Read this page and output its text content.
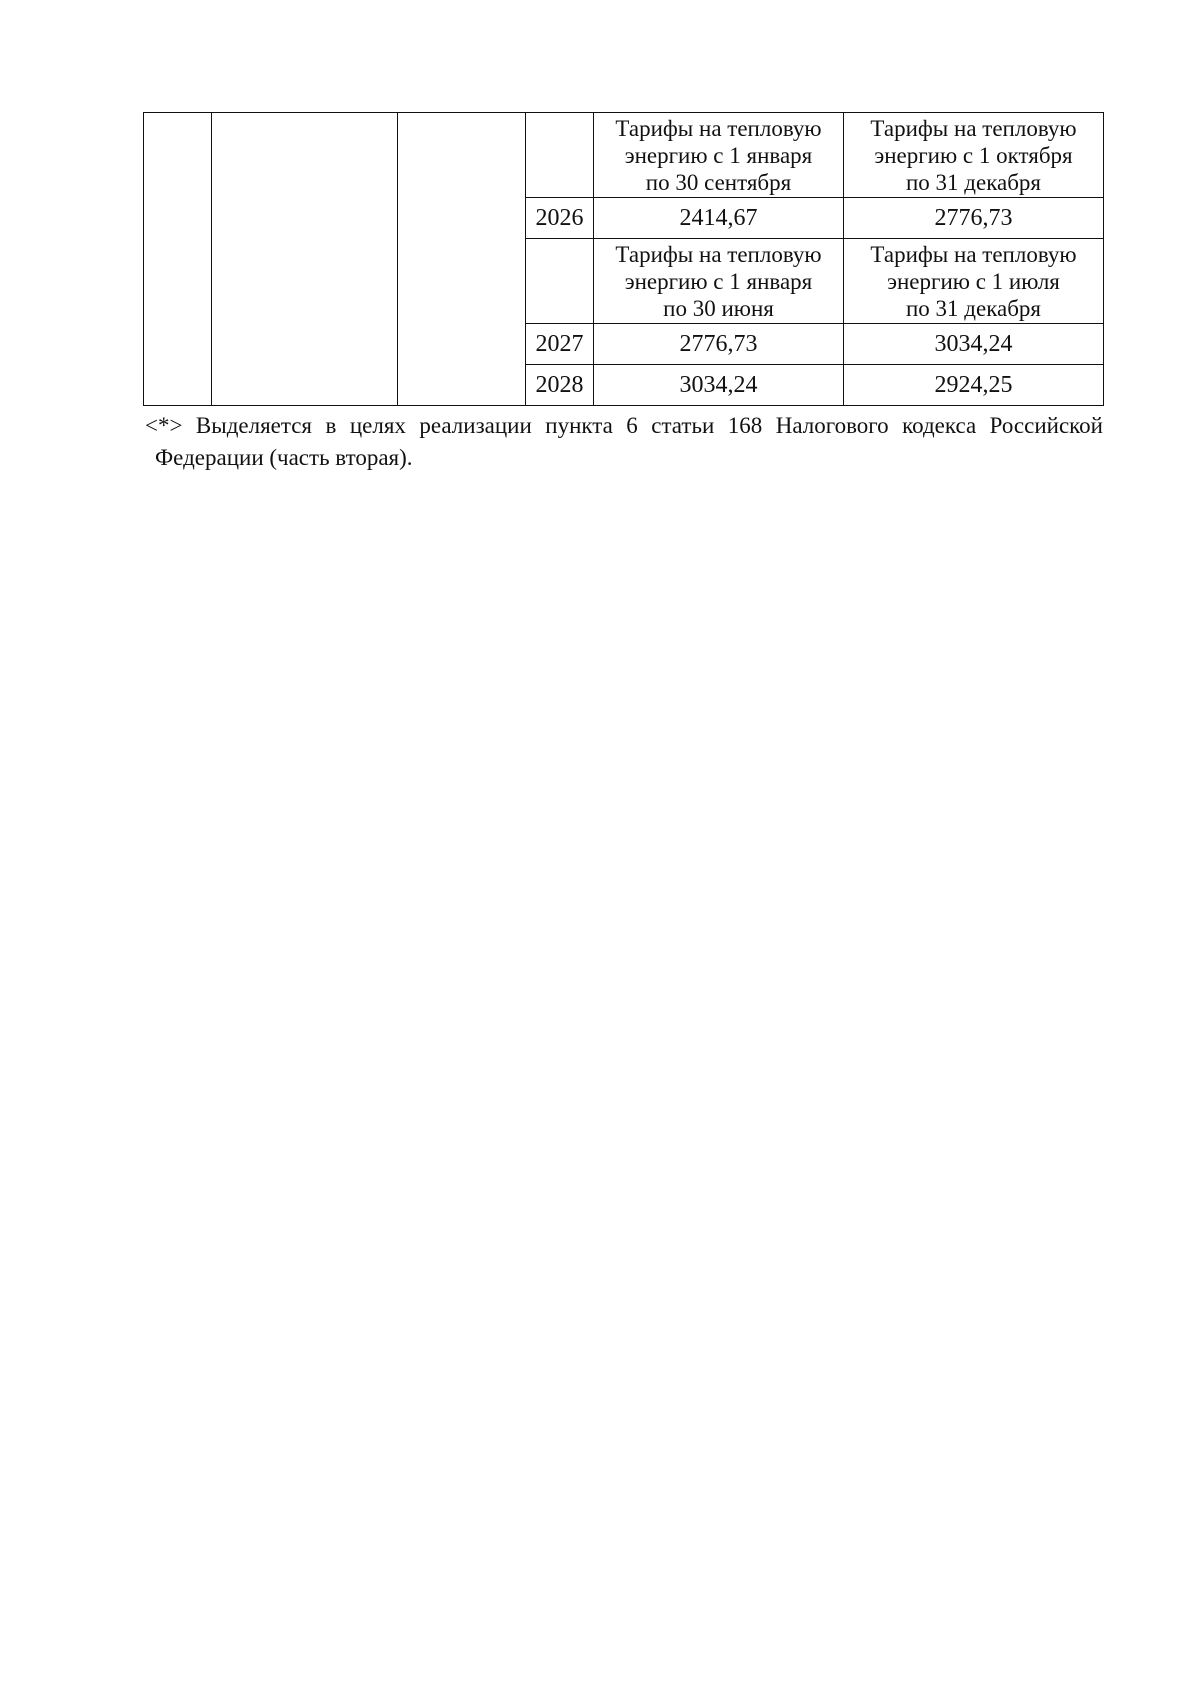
				Тарифы на тепловую
энергию с 1 января
по 30 сентября	Тарифы на тепловую
энергию с 1 октября
по 31 декабря

			2026	2414,67	2776,73

				Тарифы на тепловую
энергию с 1 января
по 30 июня	Тарифы на тепловую
энергию с 1 июля
по 31 декабря

			2027	2776,73	3034,24
			2028	3034,24	2924,25
<*> Выделяется в целях реализации пункта 6 статьи 168 Налогового кодекса Российской
Федерации (часть вторая).
